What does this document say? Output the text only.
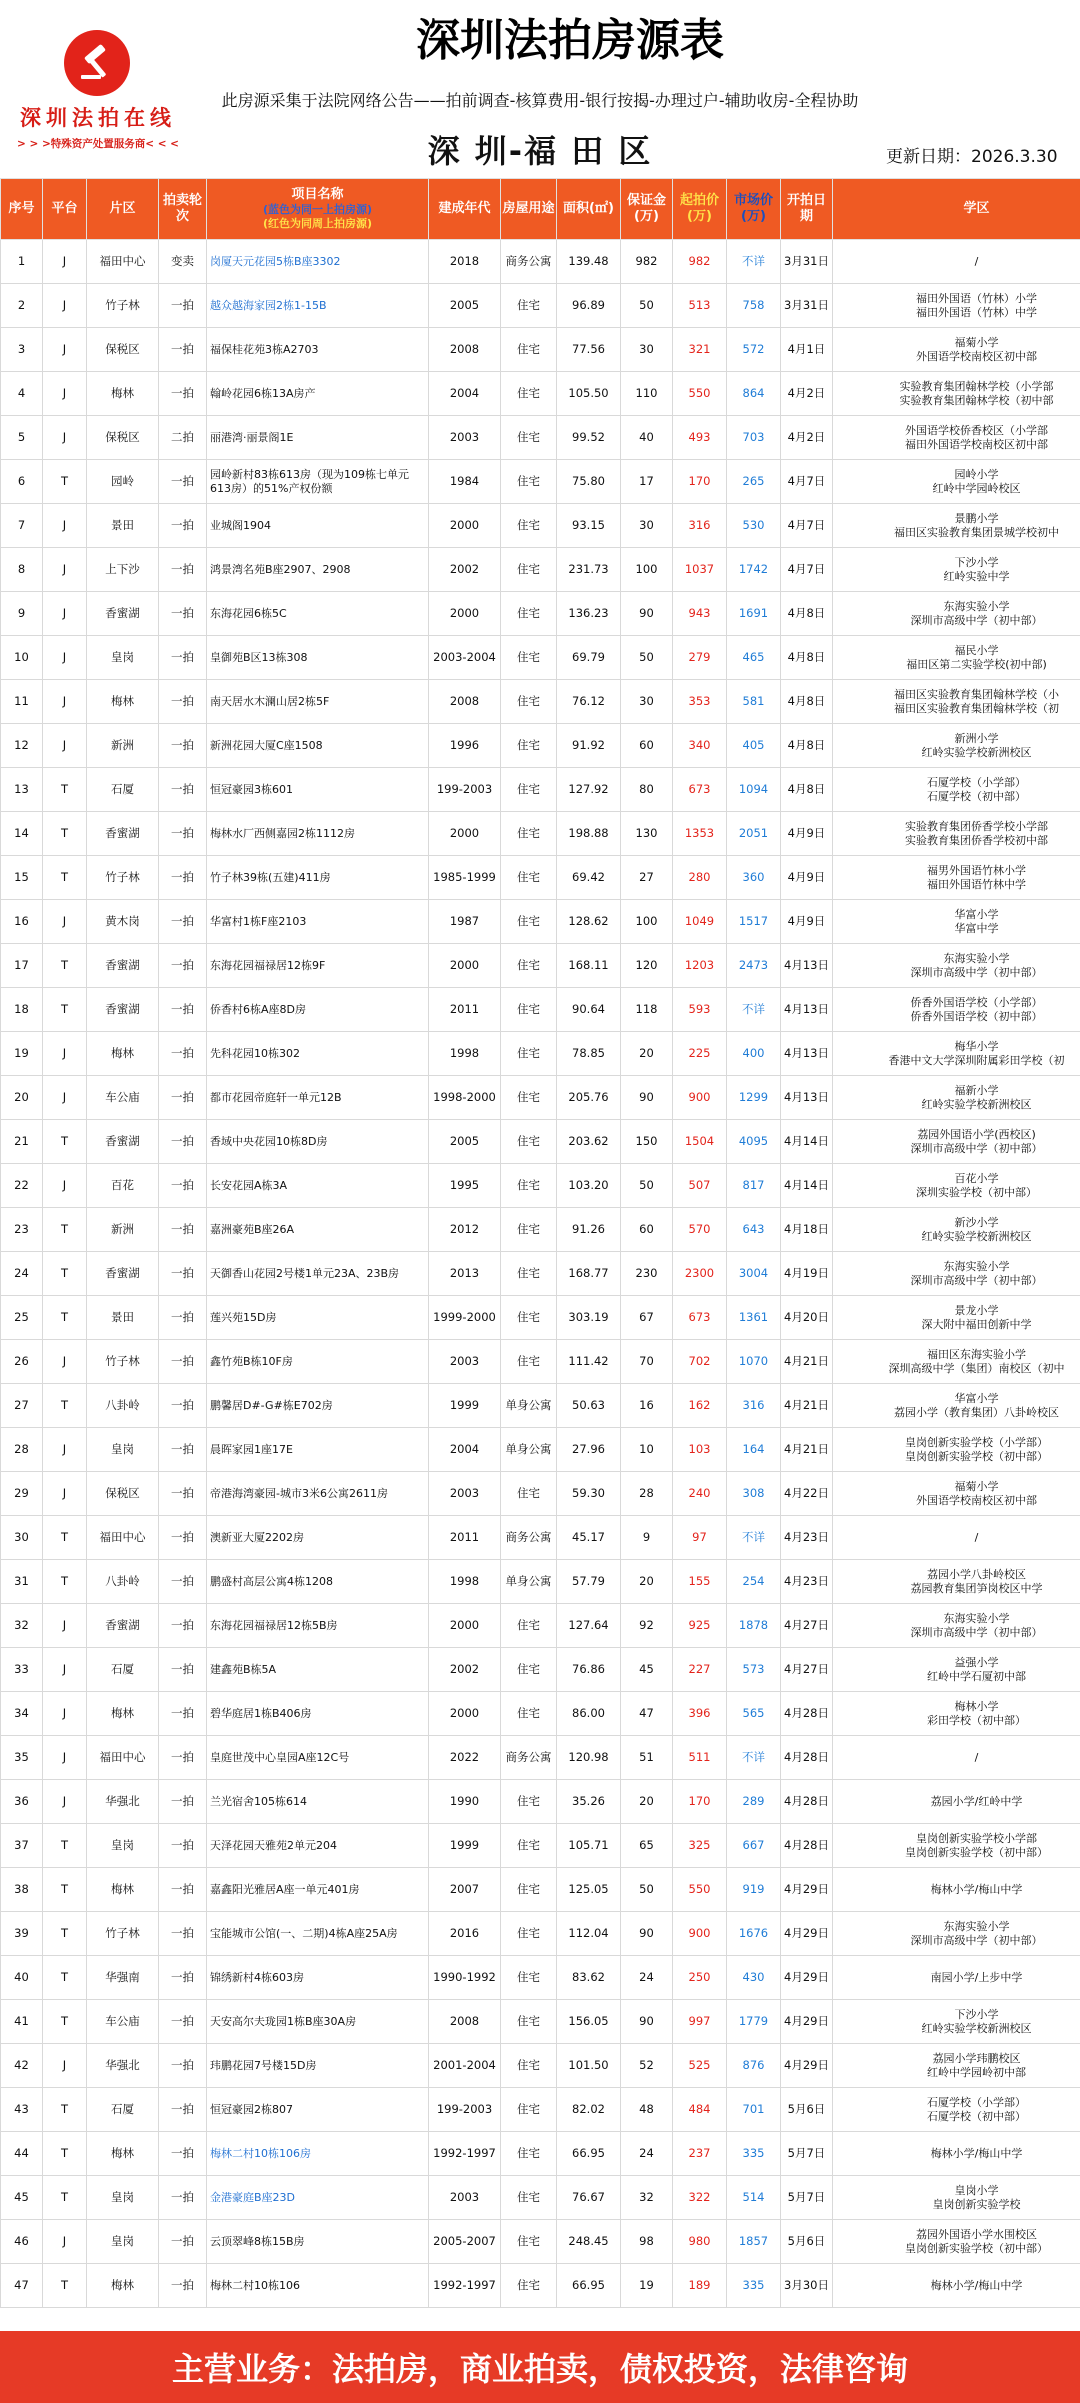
深圳法拍在线
> > >特殊资产处置服务商< < <
深圳法拍房源表
此房源采集于法院网络公告——拍前调查-核算费用-银行按揭-办理过户-辅助收房-全程协助
深 圳-福 田 区	更新日期：2026.3.30
序号	平台	片区	拍卖轮次	项目名称
(蓝色为同一上拍房源)
(红色为同周上拍房源)	建成年代	房屋用途	面积(㎡)	保证金(万)	起拍价(万)	市场价(万)	开拍日期	学区
1	J	福田中心	变卖	岗厦天元花园5栋B座3302	2018	商务公寓	139.48	982	982	不详	3月31日	/
2	J	竹子林	一拍	越众越海家园2栋1-15B	2005	住宅	96.89	50	513	758	3月31日	福田外国语（竹林）小学
福田外国语（竹林）中学
3	J	保税区	一拍	福保桂花苑3栋A2703	2008	住宅	77.56	30	321	572	4月1日	福菊小学
外国语学校南校区初中部
4	J	梅林	一拍	翰岭花园6栋13A房产	2004	住宅	105.50	110	550	864	4月2日	实验教育集团翰林学校（小学部
实验教育集团翰林学校（初中部
5	J	保税区	二拍	丽港湾·丽景阁1E	2003	住宅	99.52	40	493	703	4月2日	外国语学校侨香校区（小学部
福田外国语学校南校区初中部
6	T	园岭	一拍	园岭新村83栋613房（现为109栋七单元613房）的51%产权份额	1984	住宅	75.80	17	170	265	4月7日	园岭小学
红岭中学园岭校区
7	J	景田	一拍	业城阁1904	2000	住宅	93.15	30	316	530	4月7日	景鹏小学
福田区实验教育集团景城学校初中
8	J	上下沙	一拍	鸿景湾名苑B座2907、2908	2002	住宅	231.73	100	1037	1742	4月7日	下沙小学
红岭实验中学
9	J	香蜜湖	一拍	东海花园6栋5C	2000	住宅	136.23	90	943	1691	4月8日	东海实验小学
深圳市高级中学（初中部）
10	J	皇岗	一拍	皇御苑B区13栋308	2003-2004	住宅	69.79	50	279	465	4月8日	福民小学
福田区第二实验学校(初中部)
11	J	梅林	一拍	南天居水木澜山居2栋5F	2008	住宅	76.12	30	353	581	4月8日	福田区实验教育集团翰林学校（小
福田区实验教育集团翰林学校（初
12	J	新洲	一拍	新洲花园大厦C座1508	1996	住宅	91.92	60	340	405	4月8日	新洲小学
红岭实验学校新洲校区
13	T	石厦	一拍	恒冠豪园3栋601	199-2003	住宅	127.92	80	673	1094	4月8日	石厦学校（小学部）
石厦学校（初中部）
14	T	香蜜湖	一拍	梅林水厂西侧嘉园2栋1112房	2000	住宅	198.88	130	1353	2051	4月9日	实验教育集团侨香学校小学部
实验教育集团侨香学校初中部
15	T	竹子林	一拍	竹子林39栋(五建)411房	1985-1999	住宅	69.42	27	280	360	4月9日	福男外国语竹林小学
福田外国语竹林中学
16	J	黄木岗	一拍	华富村1栋F座2103	1987	住宅	128.62	100	1049	1517	4月9日	华富小学
华富中学
17	T	香蜜湖	一拍	东海花园福禄居12栋9F	2000	住宅	168.11	120	1203	2473	4月13日	东海实验小学
深圳市高级中学（初中部）
18	T	香蜜湖	一拍	侨香村6栋A座8D房	2011	住宅	90.64	118	593	不详	4月13日	侨香外国语学校（小学部）
侨香外国语学校（初中部）
19	J	梅林	一拍	先科花园10栋302	1998	住宅	78.85	20	225	400	4月13日	梅华小学
香港中文大学深圳附属彩田学校（初
20	J	车公庙	一拍	都市花园帝庭轩一单元12B	1998-2000	住宅	205.76	90	900	1299	4月13日	福新小学
红岭实验学校新洲校区
21	T	香蜜湖	一拍	香域中央花园10栋8D房	2005	住宅	203.62	150	1504	4095	4月14日	荔园外国语小学(西校区)
深圳市高级中学（初中部）
22	J	百花	一拍	长安花园A栋3A	1995	住宅	103.20	50	507	817	4月14日	百花小学
深圳实验学校（初中部）
23	T	新洲	一拍	嘉洲豪苑B座26A	2012	住宅	91.26	60	570	643	4月18日	新沙小学
红岭实验学校新洲校区
24	T	香蜜湖	一拍	天御香山花园2号楼1单元23A、23B房	2013	住宅	168.77	230	2300	3004	4月19日	东海实验小学
深圳市高级中学（初中部）
25	T	景田	一拍	莲兴苑15D房	1999-2000	住宅	303.19	67	673	1361	4月20日	景龙小学
深大附中福田创新中学
26	J	竹子林	一拍	鑫竹苑B栋10F房	2003	住宅	111.42	70	702	1070	4月21日	福田区东海实验小学
深圳高级中学（集团）南校区（初中
27	T	八卦岭	一拍	鹏馨居D#-G#栋E702房	1999	单身公寓	50.63	16	162	316	4月21日	华富小学
荔园小学（教育集团）八卦岭校区
28	J	皇岗	一拍	晨晖家园1座17E	2004	单身公寓	27.96	10	103	164	4月21日	皇岗创新实验学校（小学部）
皇岗创新实验学校（初中部）
29	J	保税区	一拍	帝港海湾豪园-城市3米6公寓2611房	2003	住宅	59.30	28	240	308	4月22日	福菊小学
外国语学校南校区初中部
30	T	福田中心	一拍	澳新亚大厦2202房	2011	商务公寓	45.17	9	97	不详	4月23日	/
31	T	八卦岭	一拍	鹏盛村高层公寓4栋1208	1998	单身公寓	57.79	20	155	254	4月23日	荔园小学八卦岭校区
荔园教育集团笋岗校区中学
32	J	香蜜湖	一拍	东海花园福禄居12栋5B房	2000	住宅	127.64	92	925	1878	4月27日	东海实验小学
深圳市高级中学（初中部）
33	J	石厦	一拍	建鑫苑B栋5A	2002	住宅	76.86	45	227	573	4月27日	益强小学
红岭中学石厦初中部
34	J	梅林	一拍	碧华庭居1栋B406房	2000	住宅	86.00	47	396	565	4月28日	梅林小学
彩田学校（初中部）
35	J	福田中心	一拍	皇庭世茂中心皇园A座12C号	2022	商务公寓	120.98	51	511	不详	4月28日	/
36	J	华强北	一拍	兰光宿舍105栋614	1990	住宅	35.26	20	170	289	4月28日	荔园小学/红岭中学
37	T	皇岗	一拍	天泽花园天雅苑2单元204	1999	住宅	105.71	65	325	667	4月28日	皇岗创新实验学校小学部
皇岗创新实验学校（初中部）
38	T	梅林	一拍	嘉鑫阳光雅居A座一单元401房	2007	住宅	125.05	50	550	919	4月29日	梅林小学/梅山中学
39	T	竹子林	一拍	宝能城市公馆(一、二期)4栋A座25A房	2016	住宅	112.04	90	900	1676	4月29日	东海实验小学
深圳市高级中学（初中部）
40	T	华强南	一拍	锦绣新村4栋603房	1990-1992	住宅	83.62	24	250	430	4月29日	南园小学/上步中学
41	T	车公庙	一拍	天安高尔夫珑园1栋B座30A房	2008	住宅	156.05	90	997	1779	4月29日	下沙小学
红岭实验学校新洲校区
42	J	华强北	一拍	玮鹏花园7号楼15D房	2001-2004	住宅	101.50	52	525	876	4月29日	荔园小学玮鹏校区
红岭中学园岭初中部
43	T	石厦	一拍	恒冠豪园2栋807	199-2003	住宅	82.02	48	484	701	5月6日	石厦学校（小学部）
石厦学校（初中部）
44	T	梅林	一拍	梅林二村10栋106房	1992-1997	住宅	66.95	24	237	335	5月7日	梅林小学/梅山中学
45	T	皇岗	一拍	金港豪庭B座23D	2003	住宅	76.67	32	322	514	5月7日	皇岗小学
皇岗创新实验学校
46	J	皇岗	一拍	云顶翠峰8栋15B房	2005-2007	住宅	248.45	98	980	1857	5月6日	荔园外国语小学水围校区
皇岗创新实验学校（初中部）
47	T	梅林	一拍	梅林二村10栋106	1992-1997	住宅	66.95	19	189	335	3月30日	梅林小学/梅山中学
主营业务：法拍房，商业拍卖，债权投资，法律咨询
